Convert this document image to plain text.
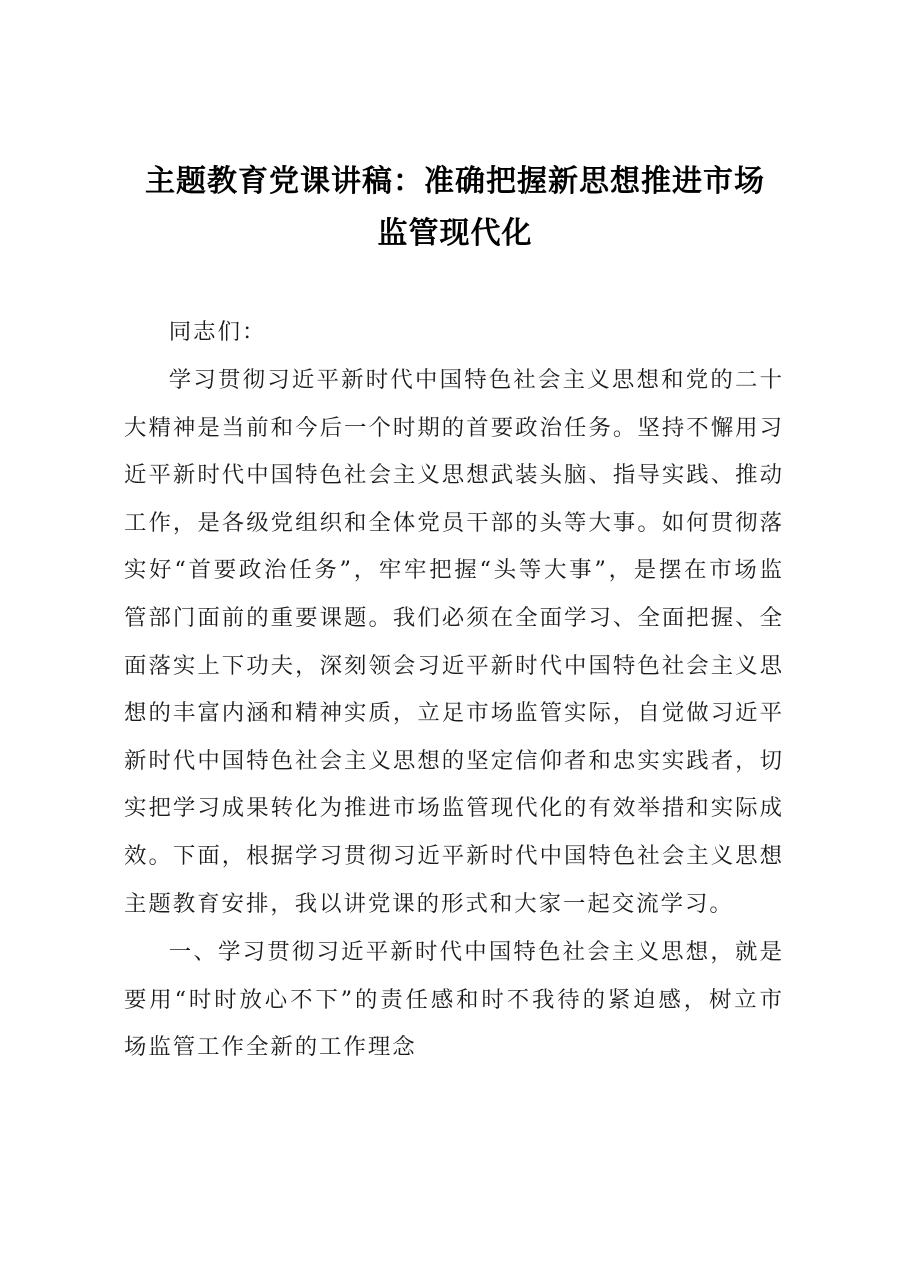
主题教育党课讲稿：准确把握新思想推进市场监管现代化

同志们：

学习贯彻习近平新时代中国特色社会主义思想和党的二十大精神是当前和今后一个时期的首要政治任务。坚持不懈用习近平新时代中国特色社会主义思想武装头脑、指导实践、推动工作，是各级党组织和全体党员干部的头等大事。如何贯彻落实好“首要政治任务”，牢牢把握“头等大事”，是摆在市场监管部门面前的重要课题。我们必须在全面学习、全面把握、全面落实上下功夫，深刻领会习近平新时代中国特色社会主义思想的丰富内涵和精神实质，立足市场监管实际，自觉做习近平新时代中国特色社会主义思想的坚定信仰者和忠实实践者，切实把学习成果转化为推进市场监管现代化的有效举措和实际成效。下面，根据学习贯彻习近平新时代中国特色社会主义思想主题教育安排，我以讲党课的形式和大家一起交流学习。

一、学习贯彻习近平新时代中国特色社会主义思想，就是要用“时时放心不下”的责任感和时不我待的紧迫感，树立市场监管工作全新的工作理念
